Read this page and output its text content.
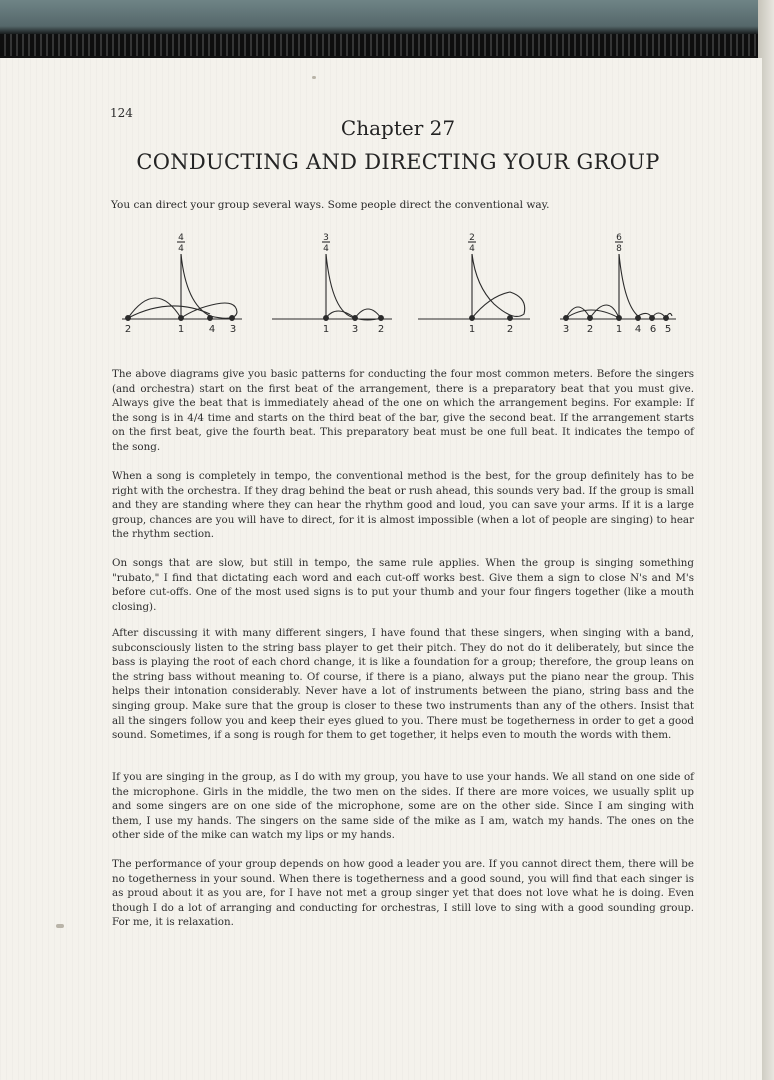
124
Chapter 27
CONDUCTING AND DIRECTING YOUR GROUP
You can direct your group several ways. Some people direct the conventional way.
4
4
2	1 4 3
3
4
1 3 2
2
4
1	2
6
8
3 2 1 4 6 5
The above diagrams give you basic patterns for conducting the four most common meters. Before the singers (and orchestra) start on the first beat of the arrangement, there is a preparatory beat that you must give. Always give the beat that is immediately ahead of the one on which the arrangement begins. For example: If the song is in 4/4 time and starts on the third beat of the bar, give the second beat. If the arrangement starts on the first beat, give the fourth beat. This preparatory beat must be one full beat. It indicates the tempo of the song.
When a song is completely in tempo, the conventional method is the best, for the group definitely has to be right with the orchestra. If they drag behind the beat or rush ahead, this sounds very bad. If the group is small and they are standing where they can hear the rhythm good and loud, you can save your arms. If it is a large group, chances are you will have to direct, for it is almost impossible (when a lot of people are singing) to hear the rhythm section.
On songs that are slow, but still in tempo, the same rule applies. When the group is singing something "rubato," I find that dictating each word and each cut-off works best. Give them a sign to close N's and M's before cut-offs. One of the most used signs is to put your thumb and your four fingers together (like a mouth closing).
After discussing it with many different singers, I have found that these singers, when singing with a band, subconsciously listen to the string bass player to get their pitch. They do not do it deliberately, but since the bass is playing the root of each chord change, it is like a foundation for a group; therefore, the group leans on the string bass without meaning to. Of course, if there is a piano, always put the piano near the group. This helps their intonation considerably. Never have a lot of instruments between the piano, string bass and the singing group. Make sure that the group is closer to these two instruments than any of the others. Insist that all the singers follow you and keep their eyes glued to you. There must be togetherness in order to get a good sound. Sometimes, if a song is rough for them to get together, it helps even to mouth the words with them.
If you are singing in the group, as I do with my group, you have to use your hands. We all stand on one side of the microphone. Girls in the middle, the two men on the sides. If there are more voices, we usually split up and some singers are on one side of the microphone, some are on the other side. Since I am singing with them, I use my hands. The singers on the same side of the mike as I am, watch my hands. The ones on the other side of the mike can watch my lips or my hands.
The performance of your group depends on how good a leader you are. If you cannot direct them, there will be no togetherness in your sound. When there is togetherness and a good sound, you will find that each singer is as proud about it as you are, for I have not met a group singer yet that does not love what he is doing. Even though I do a lot of arranging and conducting for orchestras, I still love to sing with a good sounding group. For me, it is relaxation.
